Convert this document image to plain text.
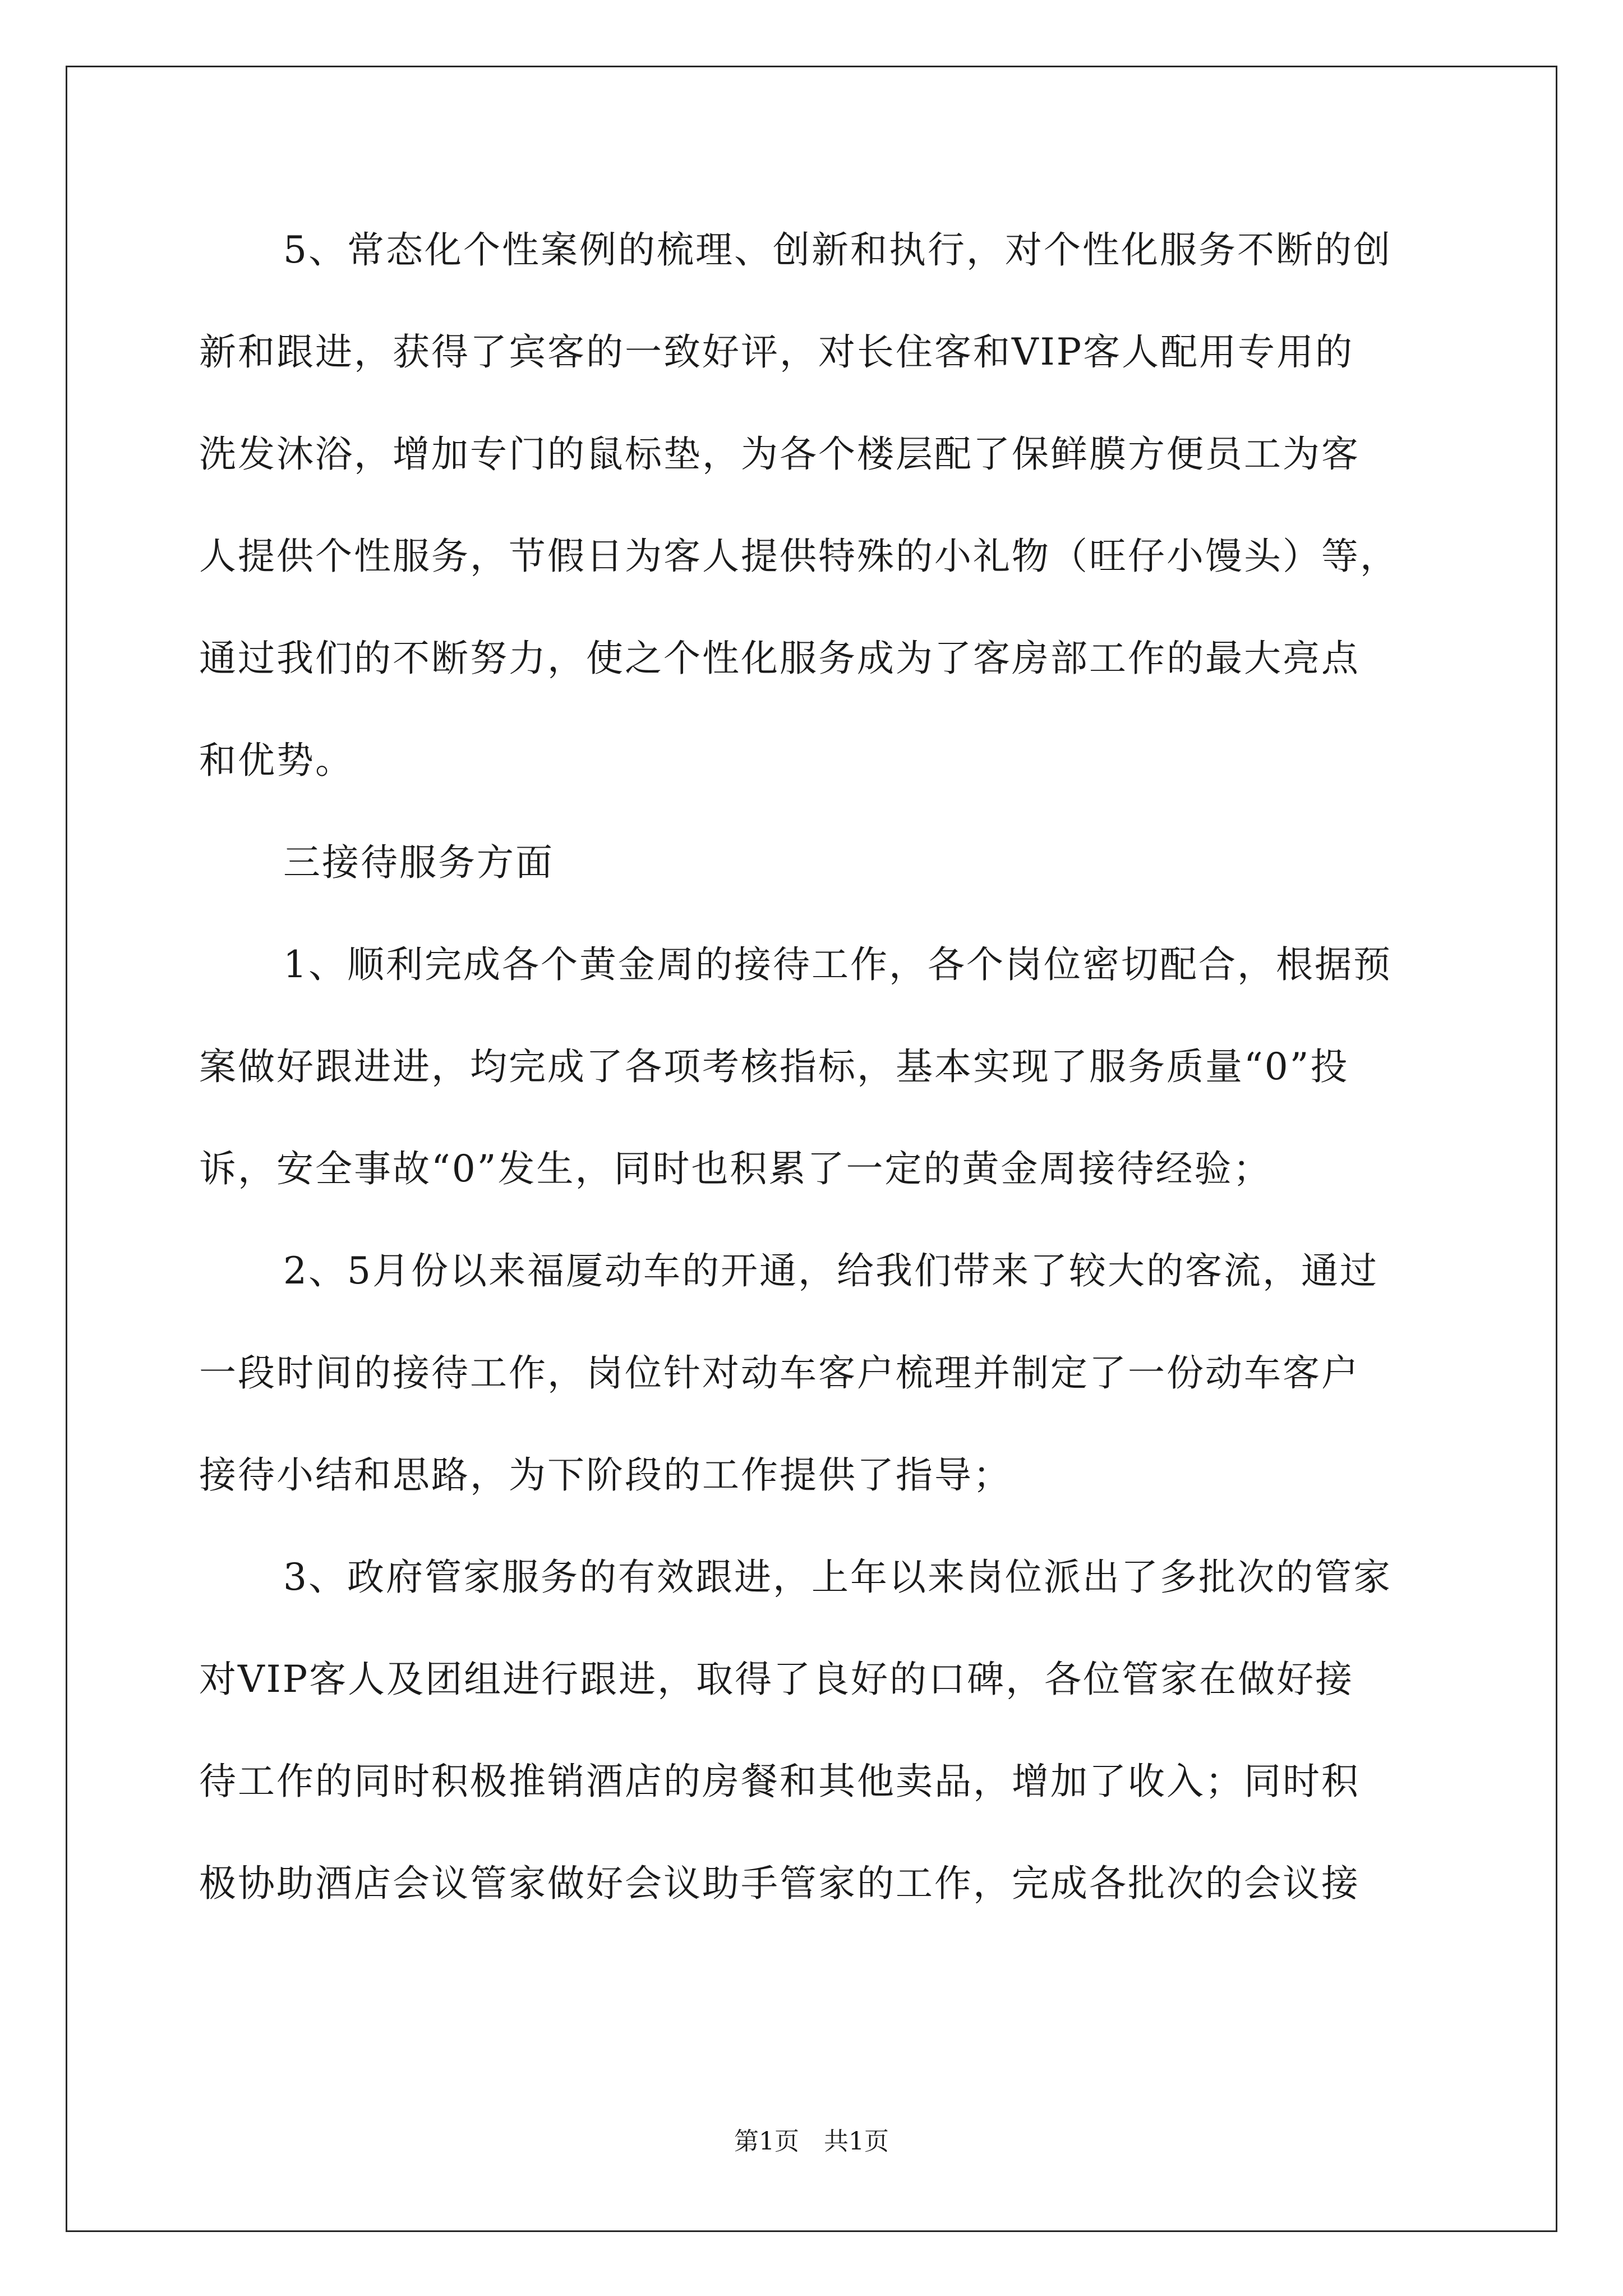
5、常态化个性案例的梳理、创新和执行，对个性化服务不断的创
新和跟进，获得了宾客的一致好评，对长住客和VIP客人配用专用的
洗发沐浴，增加专门的鼠标垫，为各个楼层配了保鲜膜方便员工为客
人提供个性服务，节假日为客人提供特殊的小礼物（旺仔小馒头）等，
通过我们的不断努力，使之个性化服务成为了客房部工作的最大亮点
和优势。
三接待服务方面
1、顺利完成各个黄金周的接待工作，各个岗位密切配合，根据预
案做好跟进进，均完成了各项考核指标，基本实现了服务质量“0”投
诉，安全事故“0”发生，同时也积累了一定的黄金周接待经验；
2、5月份以来福厦动车的开通，给我们带来了较大的客流，通过
一段时间的接待工作，岗位针对动车客户梳理并制定了一份动车客户
接待小结和思路，为下阶段的工作提供了指导；
3、政府管家服务的有效跟进，上年以来岗位派出了多批次的管家
对VIP客人及团组进行跟进，取得了良好的口碑，各位管家在做好接
待工作的同时积极推销酒店的房餐和其他卖品，增加了收入；同时积
极协助酒店会议管家做好会议助手管家的工作，完成各批次的会议接
第1页　共1页
